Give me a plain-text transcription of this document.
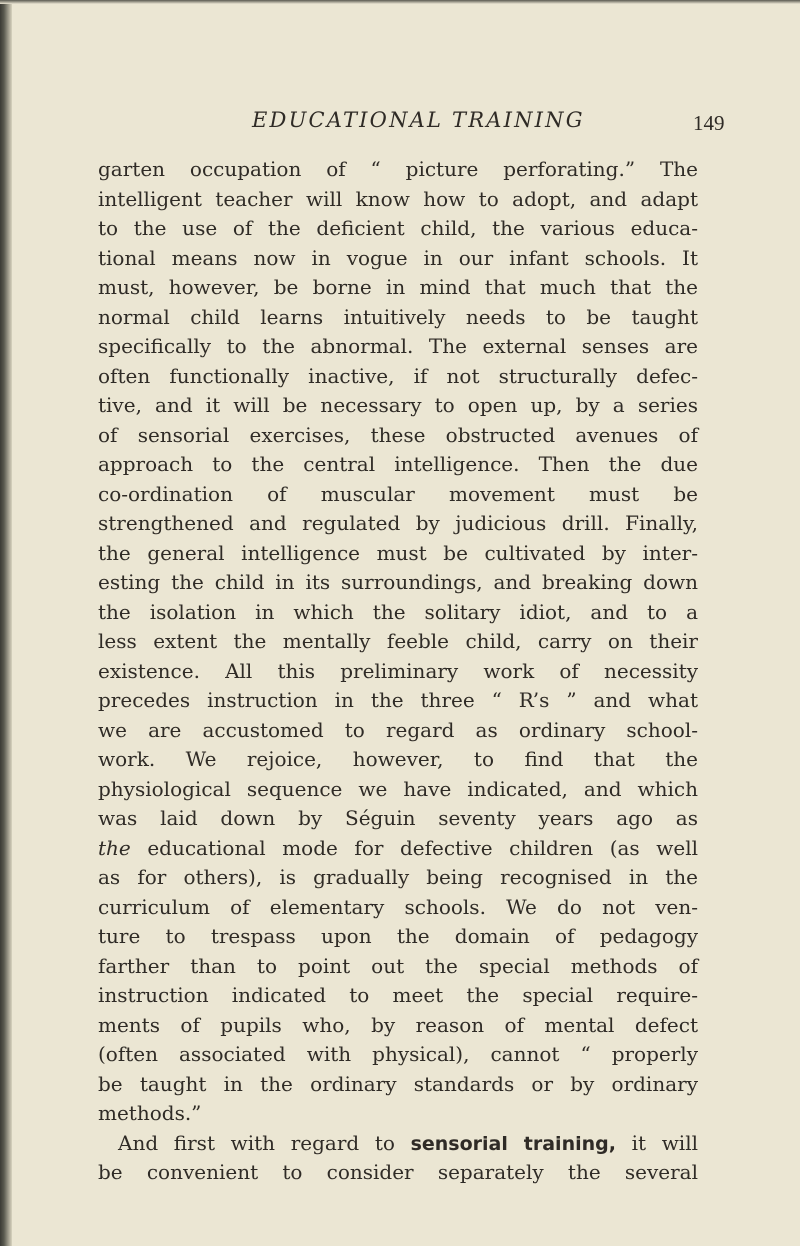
EDUCATIONAL TRAINING	149
garten occupation of “ picture perforating.” The
intelligent teacher will know how to adopt, and adapt
to the use of the deficient child, the various educa-
tional means now in vogue in our infant schools. It
must, however, be borne in mind that much that the
normal child learns intuitively needs to be taught
specifically to the abnormal. The external senses are
often functionally inactive, if not structurally defec-
tive, and it will be necessary to open up, by a series
of sensorial exercises, these obstructed avenues of
approach to the central intelligence. Then the due
co-ordination of muscular movement must be
strengthened and regulated by judicious drill. Finally,
the general intelligence must be cultivated by inter-
esting the child in its surroundings, and breaking down
the isolation in which the solitary idiot, and to a
less extent the mentally feeble child, carry on their
existence. All this preliminary work of necessity
precedes instruction in the three “ R’s ” and what
we are accustomed to regard as ordinary school-
work. We rejoice, however, to find that the
physiological sequence we have indicated, and which
was laid down by Séguin seventy years ago as
the educational mode for defective children (as well
as for others), is gradually being recognised in the
curriculum of elementary schools. We do not ven-
ture to trespass upon the domain of pedagogy
farther than to point out the special methods of
instruction indicated to meet the special require-
ments of pupils who, by reason of mental defect
(often associated with physical), cannot “ properly
be taught in the ordinary standards or by ordinary
methods.”
And first with regard to sensorial training, it will
be convenient to consider separately the several
